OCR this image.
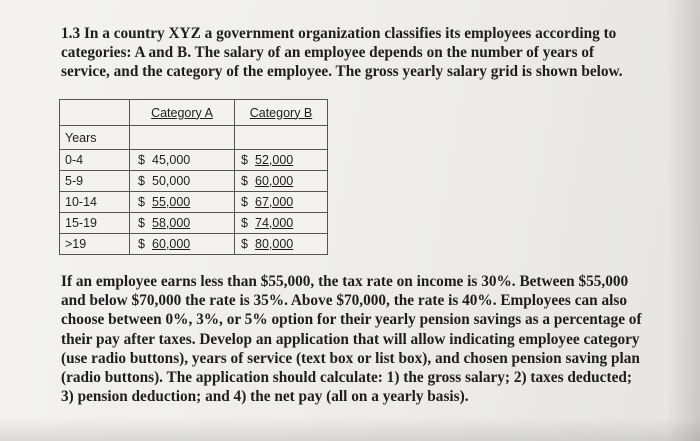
1.3 In a country XYZ a government organization classifies its employees according to
categories: A and B. The salary of an employee depends on the number of years of
service, and the category of the employee. The gross yearly salary grid is shown below.

	Category A	Category B
Years		
0-4	$ 45,000	$ 52,000
5-9	$ 50,000	$ 60,000
10-14	$ 55,000	$ 67,000
15-19	$ 58,000	$ 74,000
>19	$ 60,000	$ 80,000

If an employee earns less than $55,000, the tax rate on income is 30%. Between $55,000
and below $70,000 the rate is 35%. Above $70,000, the rate is 40%. Employees can also
choose between 0%, 3%, or 5% option for their yearly pension savings as a percentage of
their pay after taxes. Develop an application that will allow indicating employee category
(use radio buttons), years of service (text box or list box), and chosen pension saving plan
(radio buttons). The application should calculate: 1) the gross salary; 2) taxes deducted;
3) pension deduction; and 4) the net pay (all on a yearly basis).
